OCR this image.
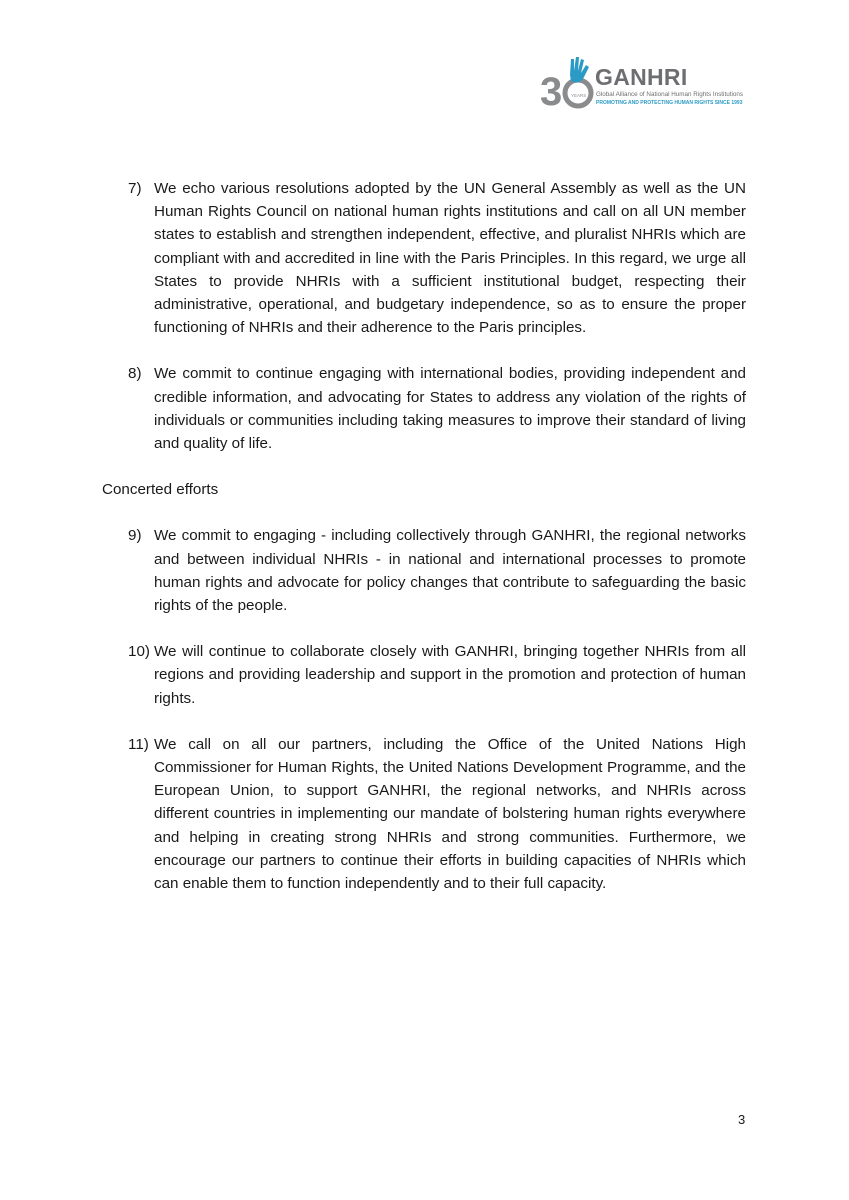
3 YEARS
GANHRI
Global Alliance of National Human Rights Institutions
PROMOTING AND PROTECTING HUMAN RIGHTS SINCE 1993
7) We echo various resolutions adopted by the UN General Assembly as well as the UN Human Rights Council on national human rights institutions and call on all UN member states to establish and strengthen independent, effective, and pluralist NHRIs which are compliant with and accredited in line with the Paris Principles. In this regard, we urge all States to provide NHRIs with a sufficient institutional budget, respecting their administrative, operational, and budgetary independence, so as to ensure the proper functioning of NHRIs and their adherence to the Paris principles.
8) We commit to continue engaging with international bodies, providing independent and credible information, and advocating for States to address any violation of the rights of individuals or communities including taking measures to improve their standard of living and quality of life.
Concerted efforts
9) We commit to engaging - including collectively through GANHRI, the regional networks and between individual NHRIs - in national and international processes to promote human rights and advocate for policy changes that contribute to safeguarding the basic rights of the people.
10) We will continue to collaborate closely with GANHRI, bringing together NHRIs from all regions and providing leadership and support in the promotion and protection of human rights.
11) We call on all our partners, including the Office of the United Nations High Commissioner for Human Rights, the United Nations Development Programme, and the European Union, to support GANHRI, the regional networks, and NHRIs across different countries in implementing our mandate of bolstering human rights everywhere and helping in creating strong NHRIs and strong communities. Furthermore, we encourage our partners to continue their efforts in building capacities of NHRIs which can enable them to function independently and to their full capacity.
3
